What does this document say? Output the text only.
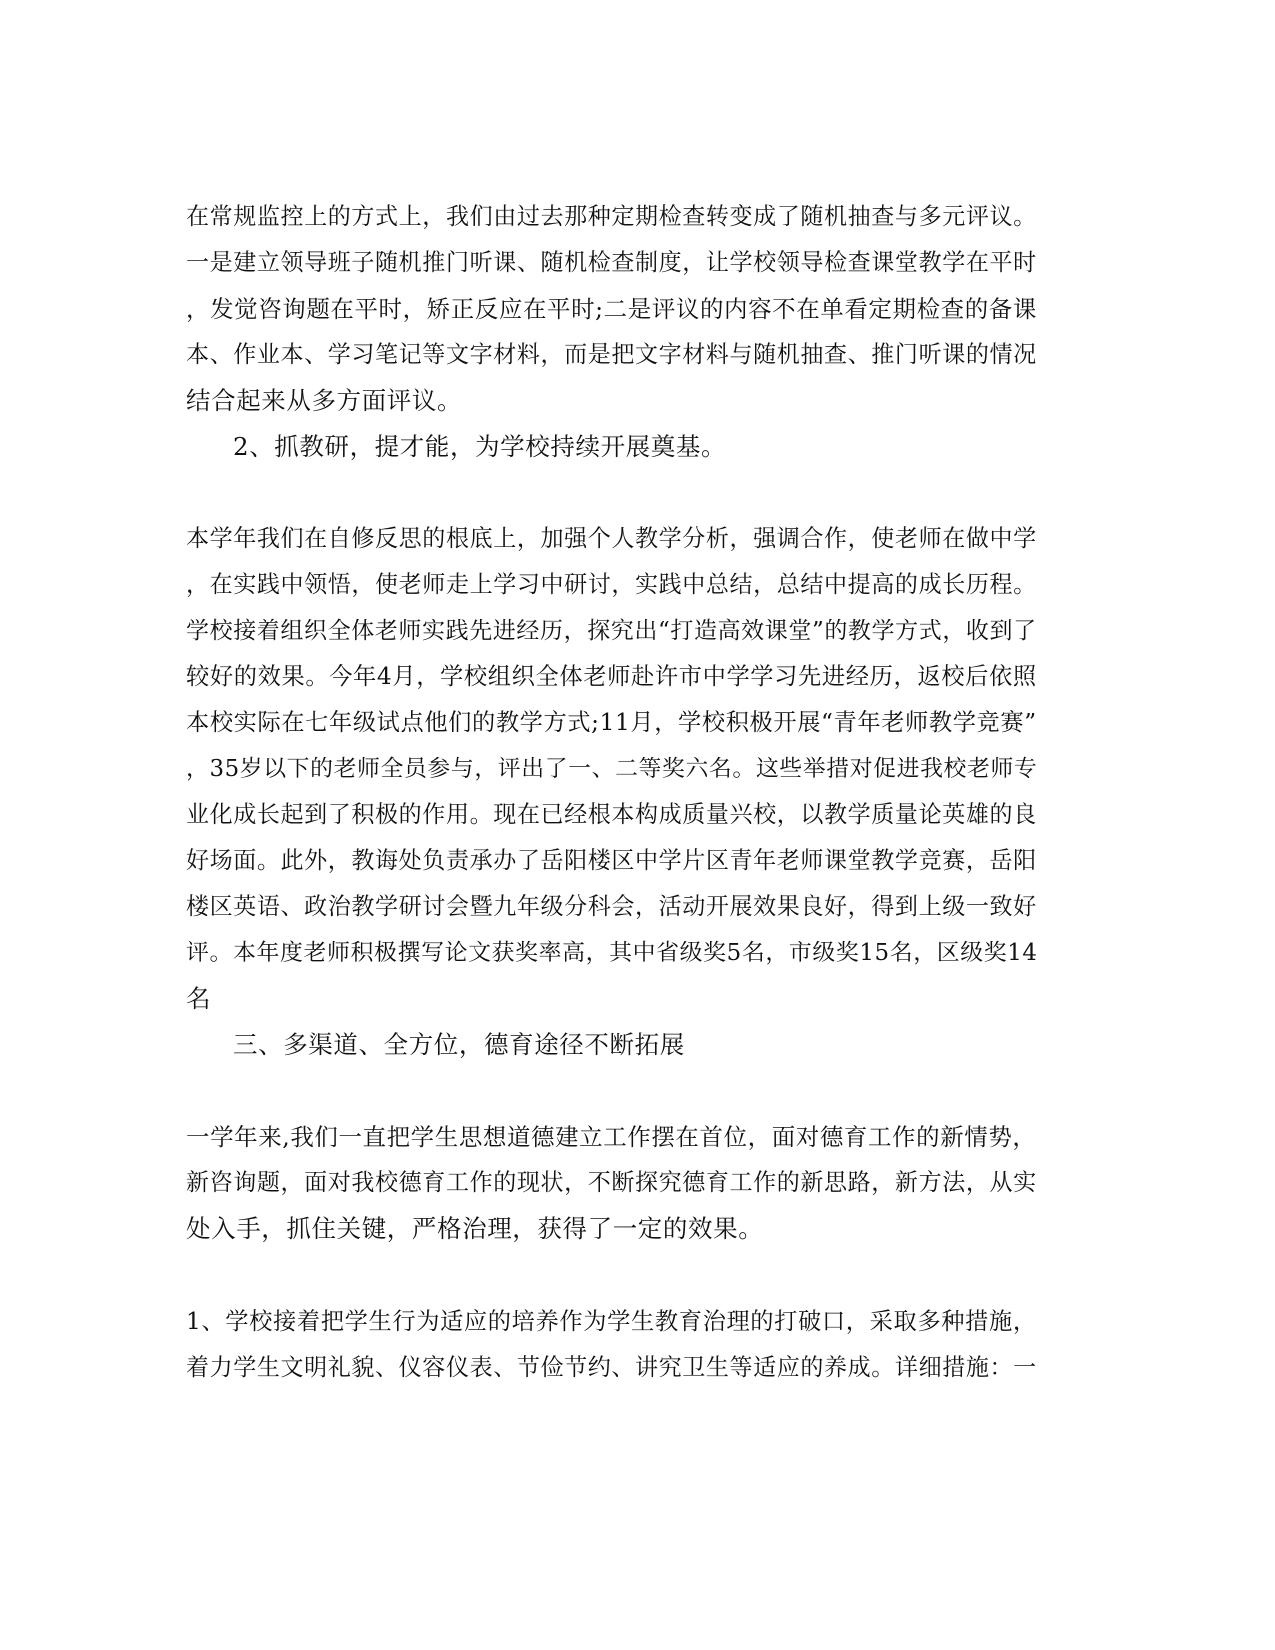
在常规监控上的方式上，我们由过去那种定期检查转变成了随机抽查与多元评议。
一是建立领导班子随机推门听课、随机检查制度，让学校领导检查课堂教学在平时
，发觉咨询题在平时，矫正反应在平时;二是评议的内容不在单看定期检查的备课
本、作业本、学习笔记等文字材料，而是把文字材料与随机抽查、推门听课的情况
结合起来从多方面评议。
2、抓教研，提才能，为学校持续开展奠基。
本学年我们在自修反思的根底上，加强个人教学分析，强调合作，使老师在做中学
，在实践中领悟，使老师走上学习中研讨，实践中总结，总结中提高的成长历程。
学校接着组织全体老师实践先进经历，探究出“打造高效课堂”的教学方式，收到了
较好的效果。今年4月，学校组织全体老师赴许市中学学习先进经历，返校后依照
本校实际在七年级试点他们的教学方式;11月，学校积极开展“青年老师教学竞赛”
，35岁以下的老师全员参与，评出了一、二等奖六名。这些举措对促进我校老师专
业化成长起到了积极的作用。现在已经根本构成质量兴校，以教学质量论英雄的良
好场面。此外，教诲处负责承办了岳阳楼区中学片区青年老师课堂教学竞赛，岳阳
楼区英语、政治教学研讨会暨九年级分科会，活动开展效果良好，得到上级一致好
评。本年度老师积极撰写论文获奖率高，其中省级奖5名，市级奖15名，区级奖14
名
三、多渠道、全方位，德育途径不断拓展
一学年来,我们一直把学生思想道德建立工作摆在首位，面对德育工作的新情势，
新咨询题，面对我校德育工作的现状，不断探究德育工作的新思路，新方法，从实
处入手，抓住关键，严格治理，获得了一定的效果。
1、学校接着把学生行为适应的培养作为学生教育治理的打破口，采取多种措施，
着力学生文明礼貌、仪容仪表、节俭节约、讲究卫生等适应的养成。详细措施：一
